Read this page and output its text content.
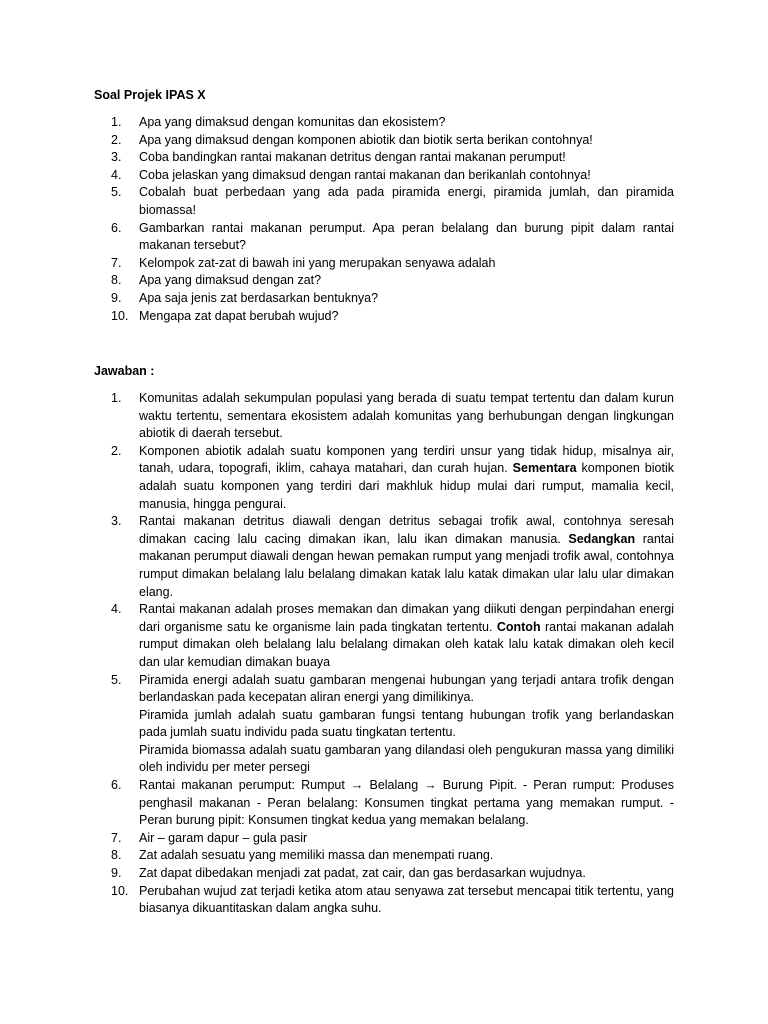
Soal Projek IPAS X
1.	Apa yang dimaksud dengan komunitas dan ekosistem?
2.	Apa yang dimaksud dengan komponen abiotik dan biotik serta berikan contohnya!
3.	Coba bandingkan rantai makanan detritus dengan rantai makanan perumput!
4.	Coba jelaskan yang dimaksud dengan rantai makanan dan berikanlah contohnya!
5.	Cobalah buat perbedaan yang ada pada piramida energi, piramida jumlah, dan piramida biomassa!
6.	Gambarkan rantai makanan perumput. Apa peran belalang dan burung pipit dalam rantai makanan tersebut?
7.	Kelompok zat-zat di bawah ini yang merupakan senyawa adalah
8.	Apa yang dimaksud dengan zat?
9.	Apa saja jenis zat berdasarkan bentuknya?
10. Mengapa zat dapat berubah wujud?
Jawaban :
1.	Komunitas adalah sekumpulan populasi yang berada di suatu tempat tertentu dan dalam kurun waktu tertentu, sementara ekosistem adalah komunitas yang berhubungan dengan lingkungan abiotik di daerah tersebut.
2.	Komponen abiotik adalah suatu komponen yang terdiri unsur yang tidak hidup, misalnya air, tanah, udara, topografi, iklim, cahaya matahari, dan curah hujan. Sementara komponen biotik adalah suatu komponen yang terdiri dari makhluk hidup mulai dari rumput, mamalia kecil, manusia, hingga pengurai.
3.	Rantai makanan detritus diawali dengan detritus sebagai trofik awal, contohnya seresah dimakan cacing lalu cacing dimakan ikan, lalu ikan dimakan manusia. Sedangkan rantai makanan perumput diawali dengan hewan pemakan rumput yang menjadi trofik awal, contohnya rumput dimakan belalang lalu belalang dimakan katak lalu katak dimakan ular lalu ular dimakan elang.
4.	Rantai makanan adalah proses memakan dan dimakan yang diikuti dengan perpindahan energi dari organisme satu ke organisme lain pada tingkatan tertentu. Contoh rantai makanan adalah rumput dimakan oleh belalang lalu belalang dimakan oleh katak lalu katak dimakan oleh kecil dan ular kemudian dimakan buaya
5.	Piramida energi adalah suatu gambaran mengenai hubungan yang terjadi antara trofik dengan berlandaskan pada kecepatan aliran energi yang dimilikinya.
Piramida jumlah adalah suatu gambaran fungsi tentang hubungan trofik yang berlandaskan pada jumlah suatu individu pada suatu tingkatan tertentu.
Piramida biomassa adalah suatu gambaran yang dilandasi oleh pengukuran massa yang dimiliki oleh individu per meter persegi
6.	Rantai makanan perumput: Rumput → Belalang → Burung Pipit. - Peran rumput: Produses penghasil makanan - Peran belalang: Konsumen tingkat pertama yang memakan rumput. - Peran burung pipit: Konsumen tingkat kedua yang memakan belalang.
7.	Air – garam dapur – gula pasir
8.	Zat adalah sesuatu yang memiliki massa dan menempati ruang.
9.	Zat dapat dibedakan menjadi zat padat, zat cair, dan gas berdasarkan wujudnya.
10. Perubahan wujud zat terjadi ketika atom atau senyawa zat tersebut mencapai titik tertentu, yang biasanya dikuantitaskan dalam angka suhu.
